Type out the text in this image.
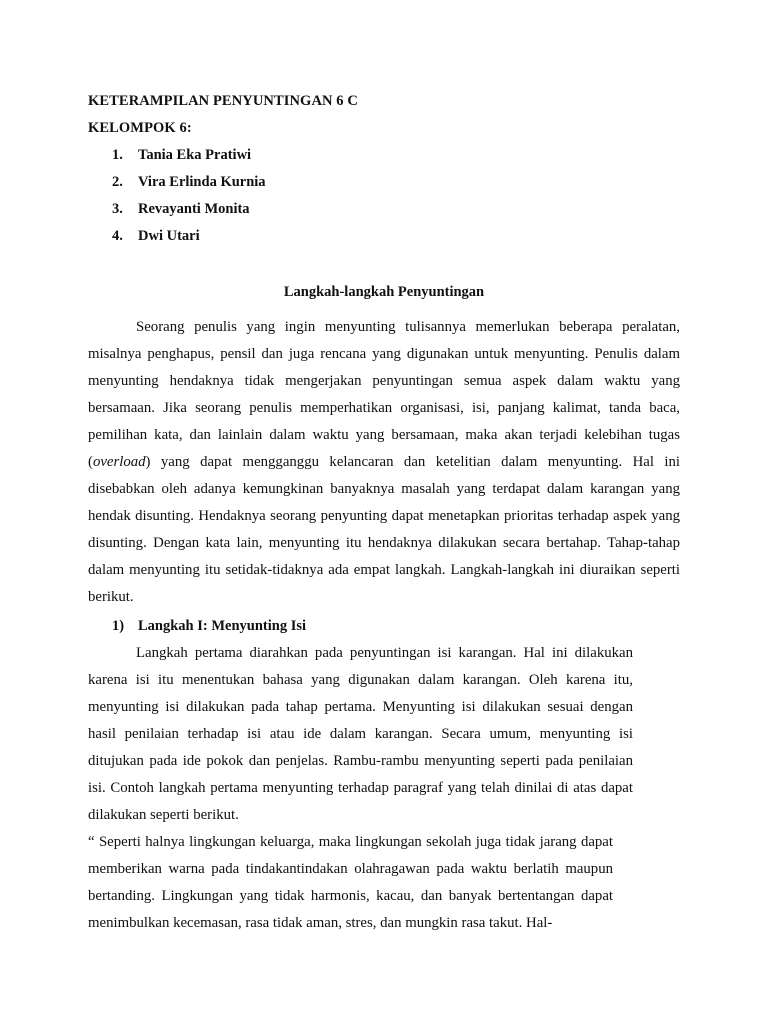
KETERAMPILAN PENYUNTINGAN 6 C
KELOMPOK 6:
1.	Tania Eka Pratiwi
2.	Vira Erlinda Kurnia
3.	Revayanti Monita
4.	Dwi Utari
Langkah-langkah Penyuntingan

Seorang penulis yang ingin menyunting tulisannya memerlukan beberapa peralatan, misalnya penghapus, pensil dan juga rencana yang digunakan untuk menyunting. Penulis dalam menyunting hendaknya tidak mengerjakan penyuntingan semua aspek dalam waktu yang bersamaan. Jika seorang penulis memperhatikan organisasi, isi, panjang kalimat, tanda baca, pemilihan kata, dan lainlain dalam waktu yang bersamaan, maka akan terjadi kelebihan tugas (overload) yang dapat mengganggu kelancaran dan ketelitian dalam menyunting. Hal ini disebabkan oleh adanya kemungkinan banyaknya masalah yang terdapat dalam karangan yang hendak disunting. Hendaknya seorang penyunting dapat menetapkan prioritas terhadap aspek yang disunting. Dengan kata lain, menyunting itu hendaknya dilakukan secara bertahap. Tahap-tahap dalam menyunting itu setidak-tidaknya ada empat langkah. Langkah-langkah ini diuraikan seperti berikut.

1) Langkah I: Menyunting Isi

Langkah pertama diarahkan pada penyuntingan isi karangan. Hal ini dilakukan karena isi itu menentukan bahasa yang digunakan dalam karangan. Oleh karena itu, menyunting isi dilakukan pada tahap pertama. Menyunting isi dilakukan sesuai dengan hasil penilaian terhadap isi atau ide dalam karangan. Secara umum, menyunting isi ditujukan pada ide pokok dan penjelas. Rambu-rambu menyunting seperti pada penilaian isi. Contoh langkah pertama menyunting terhadap paragraf yang telah dinilai di atas dapat dilakukan seperti berikut.

“ Seperti halnya lingkungan keluarga, maka lingkungan sekolah juga tidak jarang dapat memberikan warna pada tindakantindakan olahragawan pada waktu berlatih maupun bertanding. Lingkungan yang tidak harmonis, kacau, dan banyak bertentangan dapat menimbulkan kecemasan, rasa tidak aman, stres, dan mungkin rasa takut. Hal-
